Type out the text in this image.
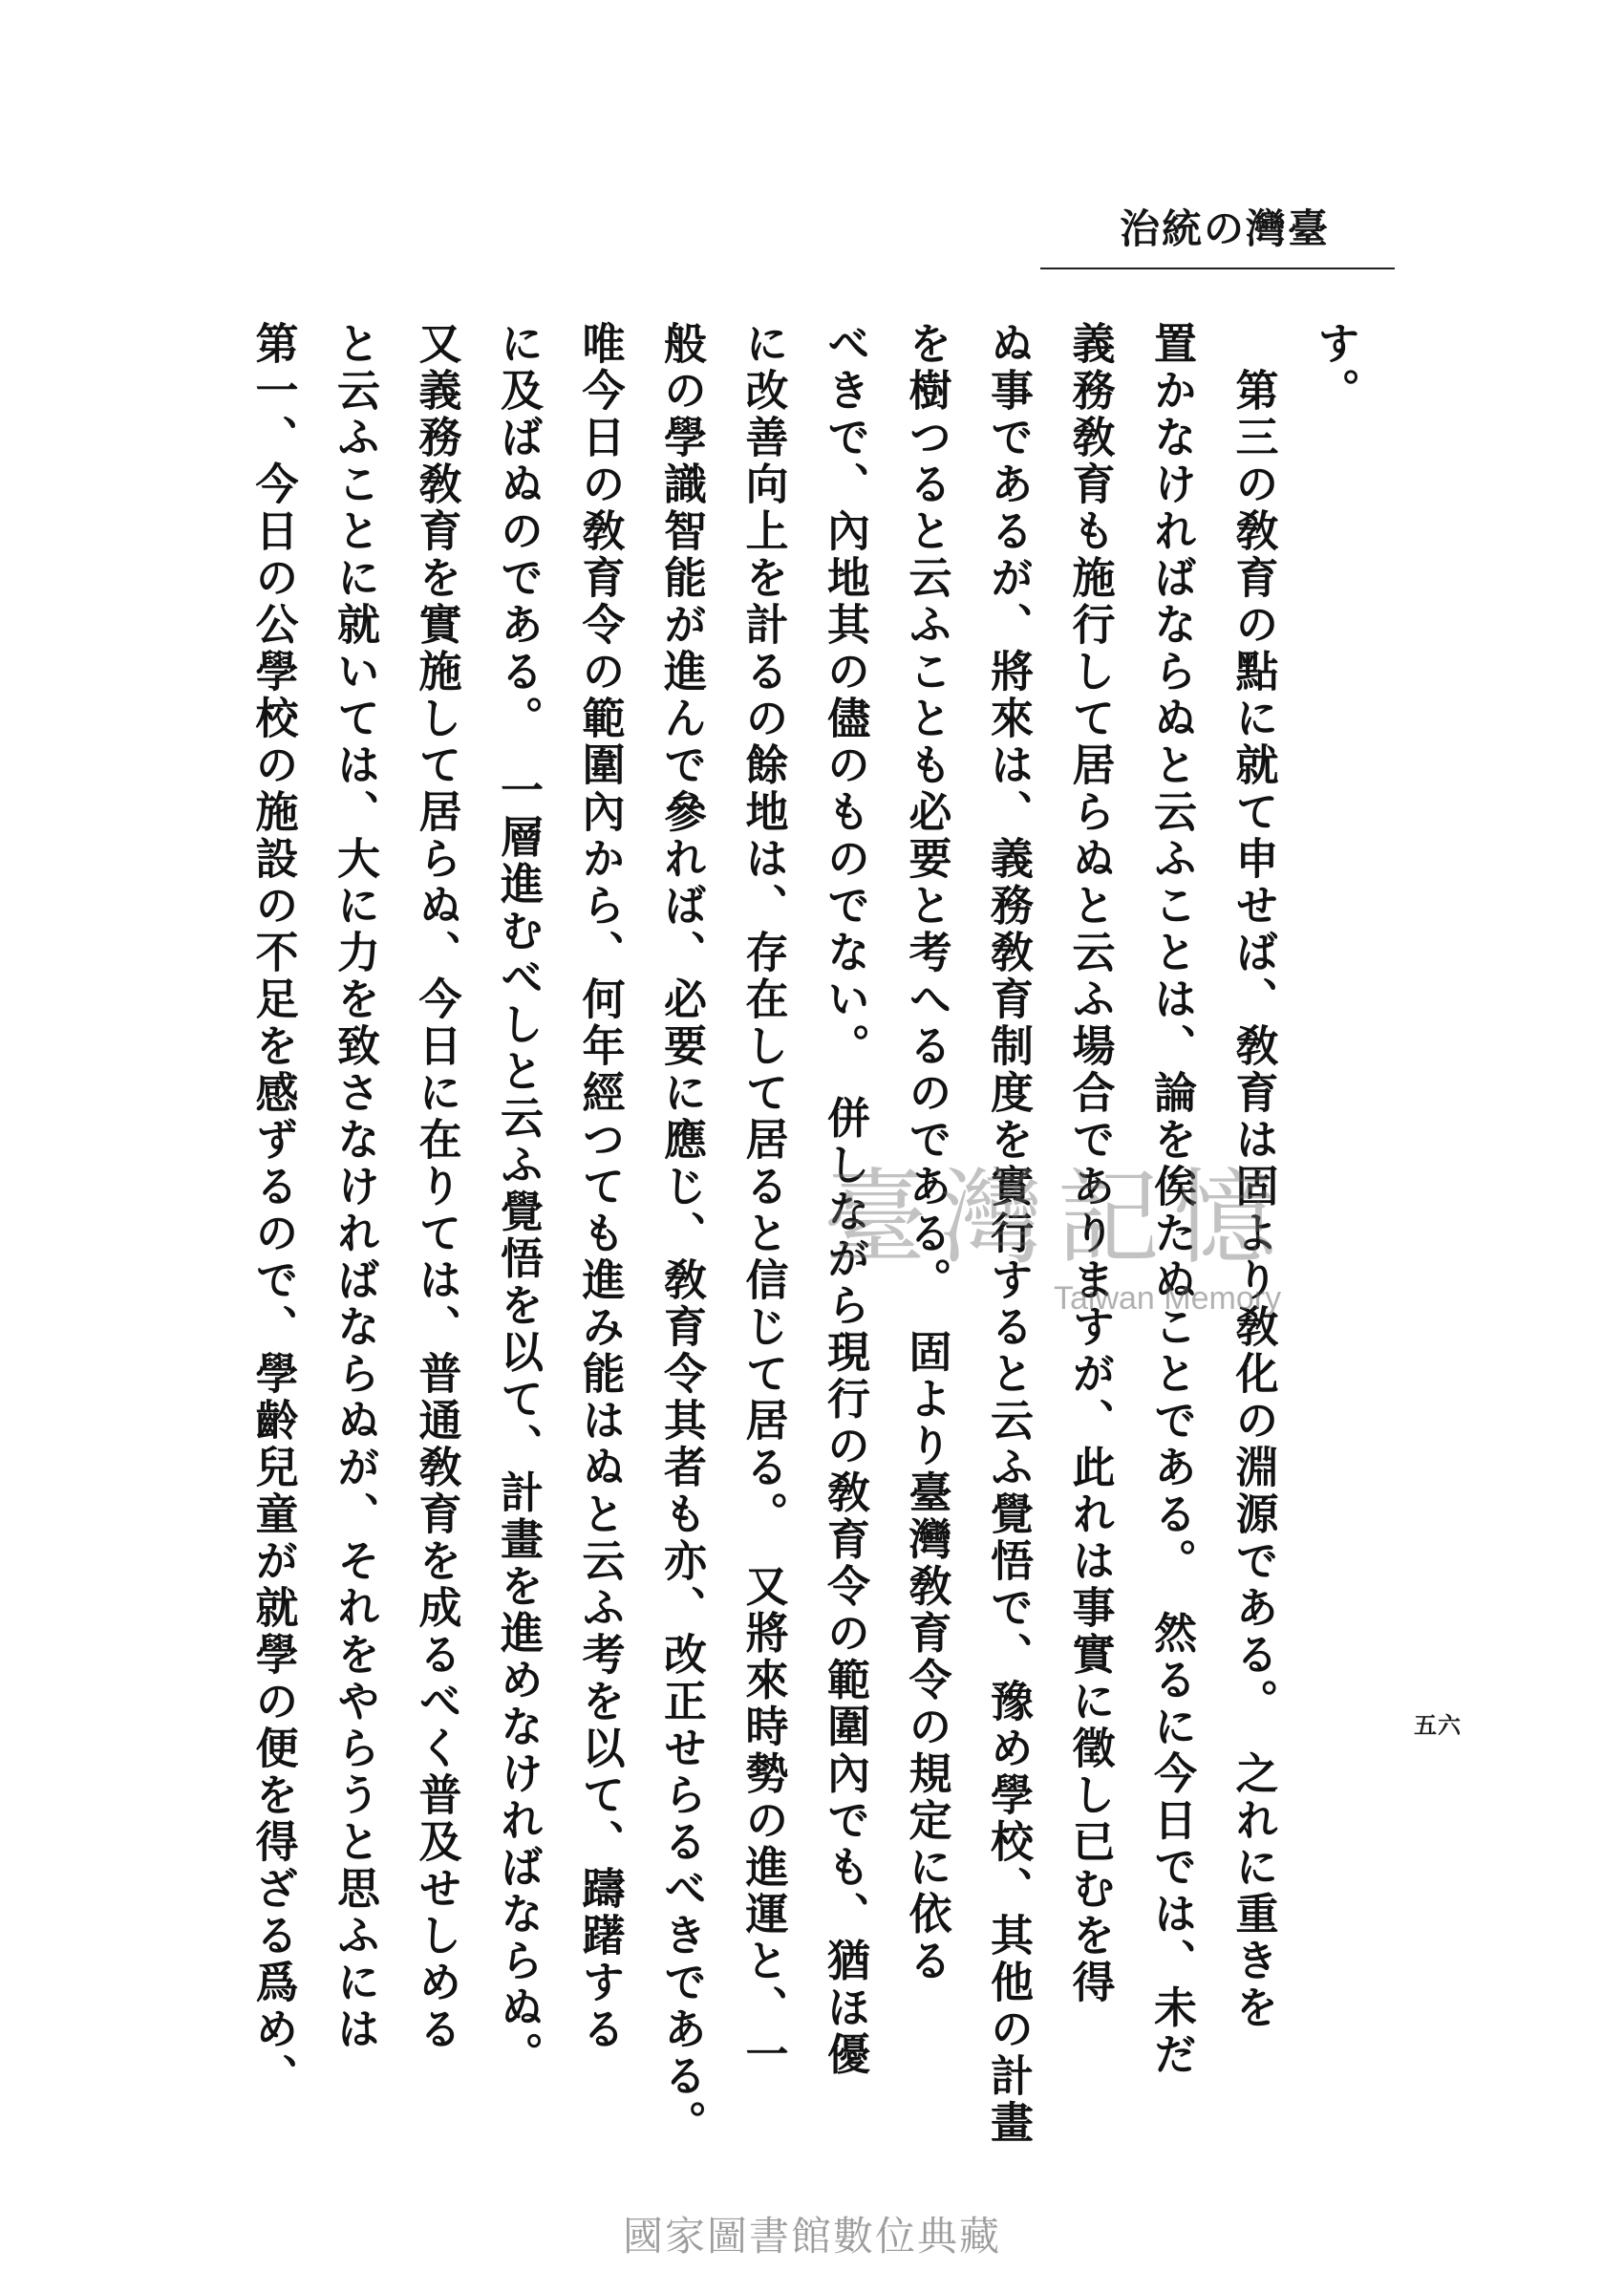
臺灣の統治
す。
　第三の敎育の點に就て申せば、敎育は固より敎化の淵源である。　之れに重きを
置かなければならぬと云ふことは、論を俟たぬことである。　然るに今日では、未だ
義務敎育も施行して居らぬと云ふ場合でありますが、此れは事實に徵し已むを得
ぬ事であるが、將來は、義務敎育制度を實行すると云ふ覺悟で、豫め學校、其他の計畫
を樹つると云ふことも必要と考へるのである。　固より臺灣敎育令の規定に依る
べきで、內地其の儘のものでない。　併しながら現行の敎育令の範圍內でも、猶ほ優
に改善向上を計るの餘地は、存在して居ると信じて居る。　又將來時勢の進運と、一
般の學識智能が進んで參れば、必要に應じ、敎育令其者も亦、改正せらるべきである。
唯今日の敎育令の範圍內から、何年經つても進み能はぬと云ふ考を以て、躊躇する
に及ばぬのである。　一層進むべしと云ふ覺悟を以て、計畫を進めなければならぬ。
又義務敎育を實施して居らぬ、今日に在りては、普通敎育を成るべく普及せしめる
と云ふことに就いては、大に力を致さなければならぬが、それをやらうと思ふには
第一、今日の公學校の施設の不足を感ずるので、學齡兒童が就學の便を得ざる爲め、	五六
臺灣記憶
Taiwan Memory
國家圖書館數位典藏
